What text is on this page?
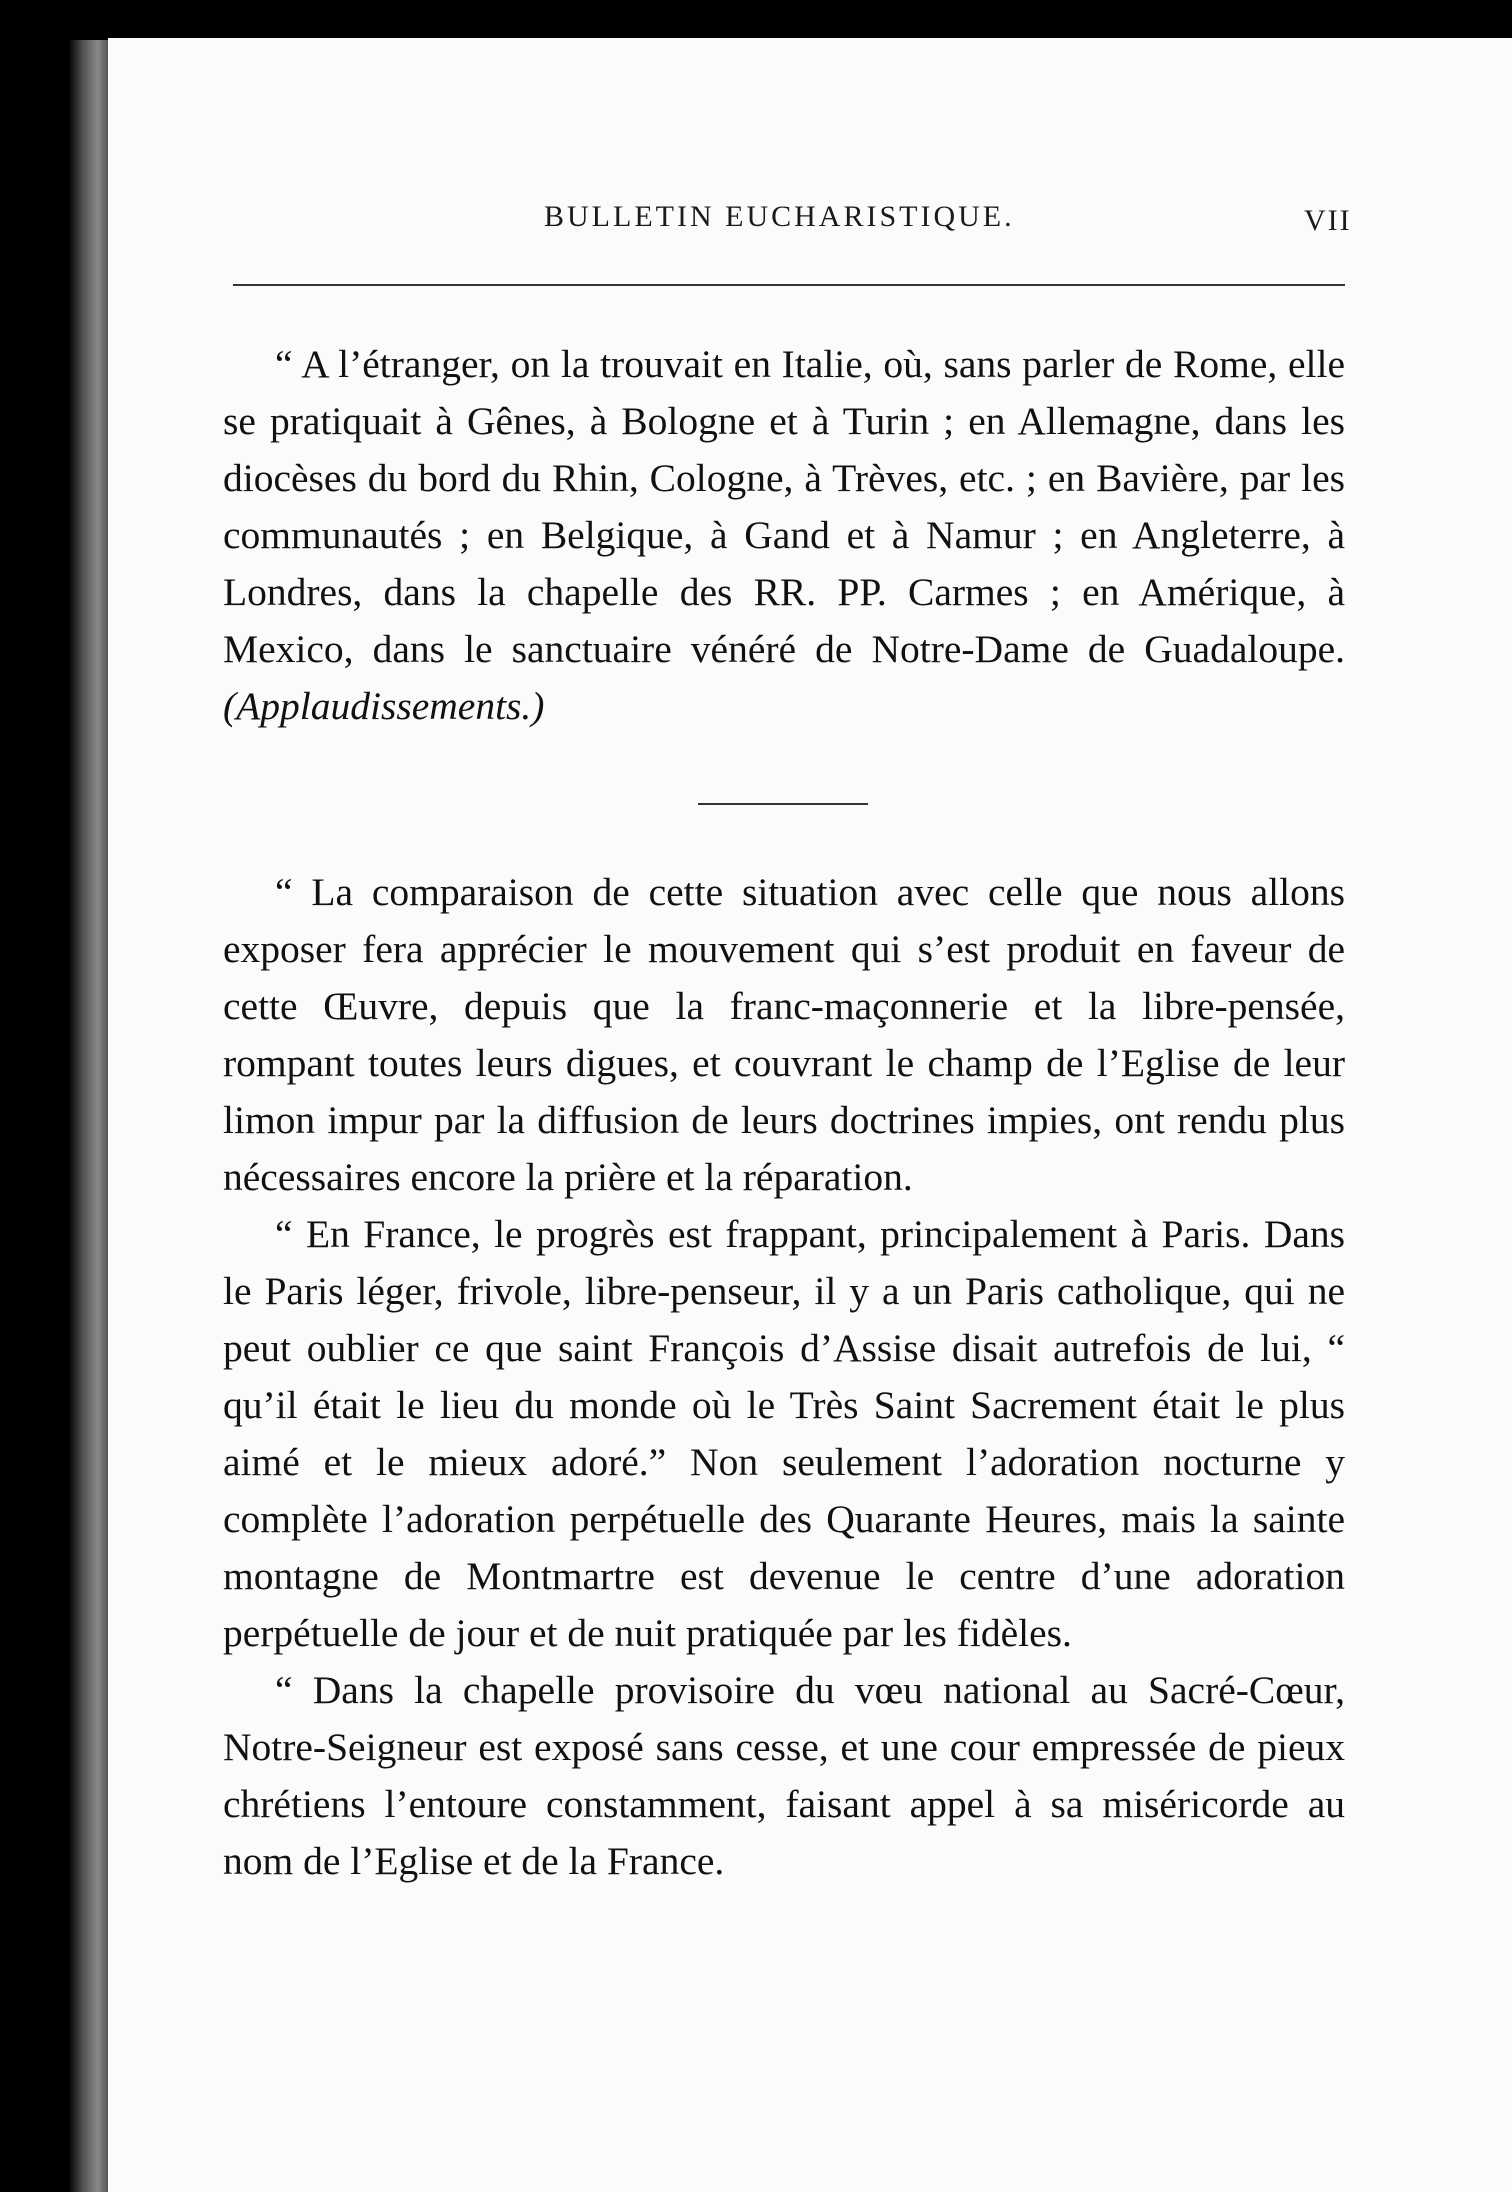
BULLETIN EUCHARISTIQUE.	VII

“ A l’étranger, on la trouvait en Italie, où, sans parler de Rome, elle se pratiquait à Gênes, à Bologne et à Turin ; en Allemagne, dans les diocèses du bord du Rhin, Cologne, à Trèves, etc. ; en Bavière, par les communautés ; en Belgique, à Gand et à Namur ; en Angleterre, à Londres, dans la chapelle des RR. PP. Carmes ; en Amérique, à Mexico, dans le sanctuaire vénéré de Notre-Dame de Guadaloupe. (Applaudissements.)

“ La comparaison de cette situation avec celle que nous allons exposer fera apprécier le mouvement qui s’est produit en faveur de cette Œuvre, depuis que la franc-maçonnerie et la libre-pensée, rompant toutes leurs digues, et couvrant le champ de l’Eglise de leur limon impur par la diffusion de leurs doctrines impies, ont rendu plus nécessaires encore la prière et la réparation.

“ En France, le progrès est frappant, principalement à Paris. Dans le Paris léger, frivole, libre-penseur, il y a un Paris catholique, qui ne peut oublier ce que saint François d’Assise disait autrefois de lui, “ qu’il était le lieu du monde où le Très Saint Sacrement était le plus aimé et le mieux adoré.” Non seulement l’adoration nocturne y complète l’adoration perpétuelle des Quarante Heures, mais la sainte montagne de Montmartre est devenue le centre d’une adoration perpétuelle de jour et de nuit pratiquée par les fidèles.

“ Dans la chapelle provisoire du vœu national au Sacré-Cœur, Notre-Seigneur est exposé sans cesse, et une cour empressée de pieux chrétiens l’entoure constamment, faisant appel à sa miséricorde au nom de l’Eglise et de la France.
